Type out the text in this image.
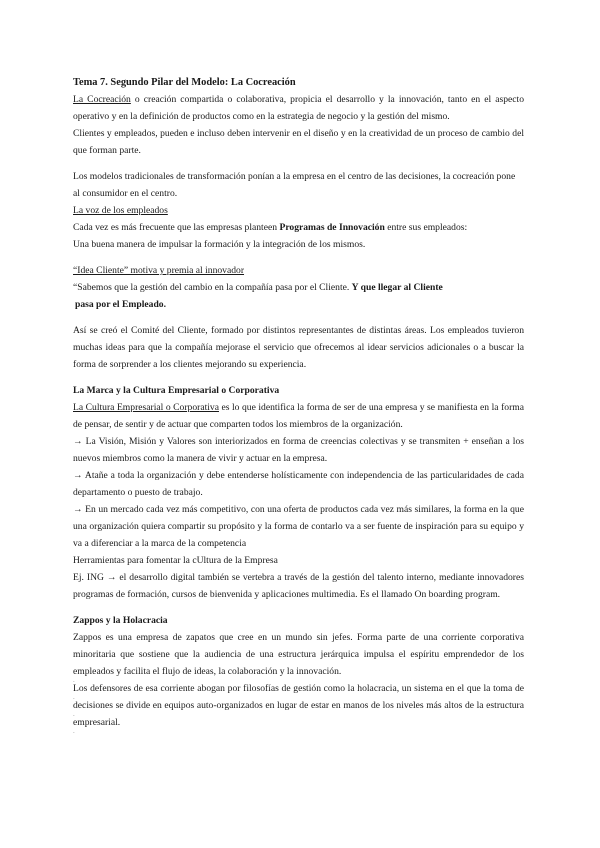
Tema 7. Segundo Pilar del Modelo: La Cocreación

La Cocreación o creación compartida o colaborativa, propicia el desarrollo y la innovación, tanto en el aspecto operativo y en la definición de productos como en la estrategia de negocio y la gestión del mismo.

Clientes y empleados, pueden e incluso deben intervenir en el diseño y en la creatividad de un proceso de cambio del que forman parte.

Los modelos tradicionales de transformación ponían a la empresa en el centro de las decisiones, la cocreación pone al consumidor en el centro.

La voz de los empleados

Cada vez es más frecuente que las empresas planteen Programas de Innovación entre sus empleados:

Una buena manera de impulsar la formación y la integración de los mismos.

“Idea Cliente” motiva y premia al innovador

“Sabemos que la gestión del cambio en la compañía pasa por el Cliente. Y que llegar al Cliente

pasa por el Empleado.

Así se creó el Comité del Cliente, formado por distintos representantes de distintas áreas. Los empleados tuvieron muchas ideas para que la compañía mejorase el servicio que ofrecemos al idear servicios adicionales o a buscar la forma de sorprender a los clientes mejorando su experiencia.

La Marca y la Cultura Empresarial o Corporativa

La Cultura Empresarial o Corporativa es lo que identifica la forma de ser de una empresa y se manifiesta en la forma de pensar, de sentir y de actuar que comparten todos los miembros de la organización.

→ La Visión, Misión y Valores son interiorizados en forma de creencias colectivas y se transmiten + enseñan a los nuevos miembros como la manera de vivir y actuar en la empresa.

→ Atañe a toda la organización y debe entenderse holísticamente con independencia de las particularidades de cada departamento o puesto de trabajo.

→ En un mercado cada vez más competitivo, con una oferta de productos cada vez más similares, la forma en la que una organización quiera compartir su propósito y la forma de contarlo va a ser fuente de inspiración para su equipo y va a diferenciar a la marca de la competencia

Herramientas para fomentar la cUltura de la Empresa

Ej. ING → el desarrollo digital también se vertebra a través de la gestión del talento interno, mediante innovadores programas de formación, cursos de bienvenida y aplicaciones multimedia. Es el llamado On boarding program.

Zappos y la Holacracia

Zappos es una empresa de zapatos que cree en un mundo sin jefes. Forma parte de una corriente corporativa minoritaria que sostiene que la audiencia de una estructura jerárquica impulsa el espíritu emprendedor de los empleados y facilita el flujo de ideas, la colaboración y la innovación.

Los defensores de esa corriente abogan por filosofías de gestión como la holacracia, un sistema en el que la toma de decisiones se divide en equipos auto-organizados en lugar de estar en manos de los niveles más altos de la estructura empresarial.

.
.
.
.
